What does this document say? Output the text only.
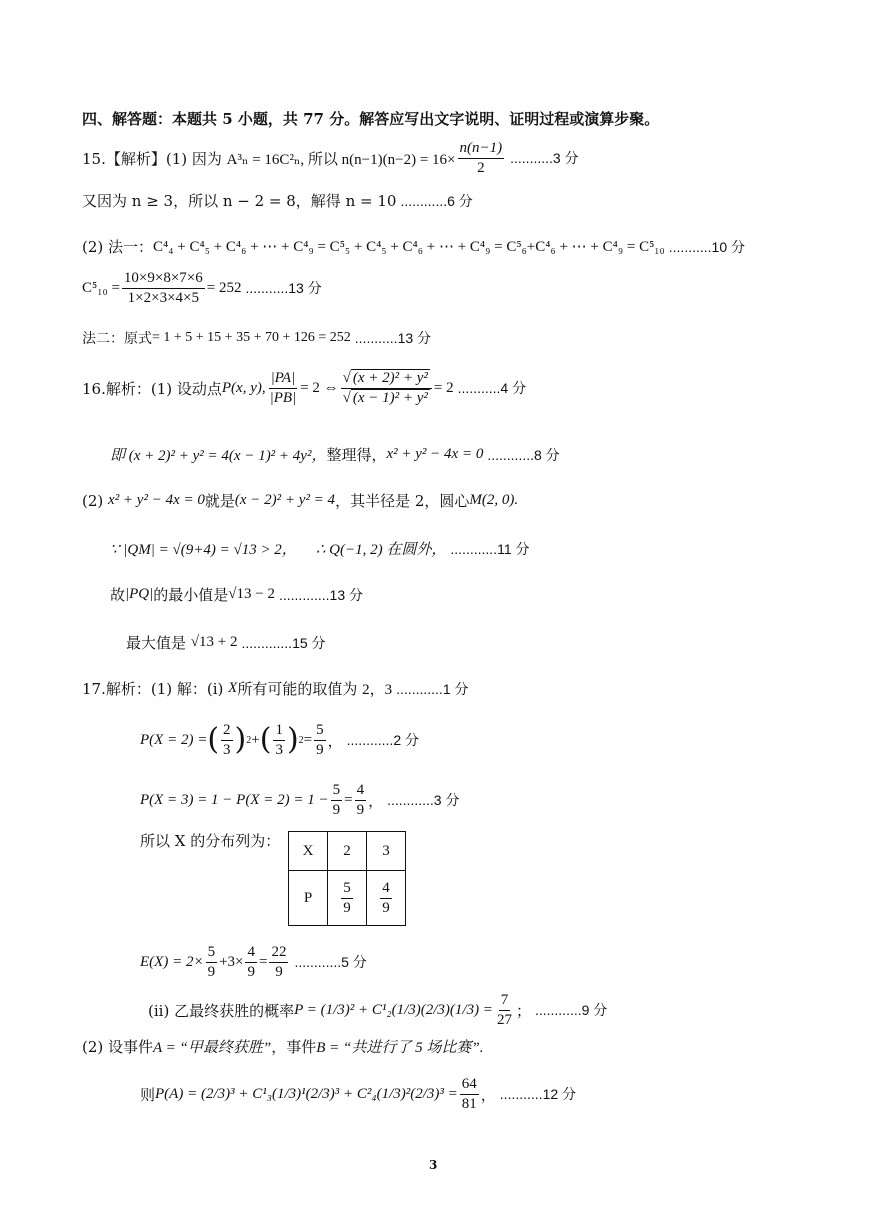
四、解答题：本题共 5 小题，共 77 分。解答应写出文字说明、证明过程或演算步聚。
15.【解析】(1) 因为
A³ₙ = 16C²ₙ, 所以 $n(n-1)(n-2) = 16\times \frac{n(n-1)}{2} ...........3$ 分
又因为 n ≥ 3，所以 n − 2 = 8，解得 n = 10 ............6 分
(2) 法一： C⁴₄ + C⁴₅ + C⁴₆ + ⋯ + C⁴₉ = C⁵₅ + C⁴₅ + C⁴₆ + ⋯ + C⁴₉ = C⁵₆+C⁴₆ + ⋯ + C⁴₉ = C⁵₁₀ ...........10 分
$C^5_{10} = \frac{10\times 9\times 8\times 7\times 6}{1\times 2\times 3\times 4\times 5} = 252$ ...........13 分
法二：原式 = 1 + 5 + 15 + 35 + 70 + 126 = 252 ...........13 分
16.解析：(1) 设动点 P(x, y), $\frac{|PA|}{|PB|} = 2$ ⇔ $\frac{\text{√ (x + 2)² + y²}}{\text{√ (x − 1)² + y²}} = 2$ ...........4 分
即 (x + 2)² + y² = 4(x − 1)² + 4y²， 整理得， x² + y² − 4x = 0 ............8 分
(2)
x² + y² − 4x = 0 就是 (x − 2)² + y² = 4 ，其半径是 2，圆心 M(2, 0).
∵ |QM| = √(9+4) = √13 > 2，
∴ Q(−1, 2) 在圆外， ............11 分
故 |PQ| 的最小值是 √13 − 2 .............13 分
最大值是
√13 + 2 .............15 分
17.解析：(1) 解：(i)
X 所有可能的取值为
2，3 ............1 分
P(X = 2) = ( $\frac{2}{3}$ ) 2 + ( $\frac{1}{3}$ ) $2 = \frac{5}{9}$ ， ............2 分
$P(X = 3) = 1 - P(X = 2) = 1 - \frac{5}{9} = \frac{4}{9}$ ， ............3 分
所以 X 的分布列为：
X	2	3
P	$\frac{5}{9}$	$\frac{4}{9}$
$E(X) = 2\times \frac{5}{9} +3\times \frac{4}{9} = \frac{22}{9} ............5$ 分
(ii) 乙最终获胜的概率 $P = (1/3)^2 + C^1_2(1/3)(2/3)(1/3) = \frac{7}{27}$ ； ............9 分
(2) 设事件 A = “甲最终获胜” ，事件 B = “共进行了 5 场比赛”.
则 $P(A) = (2/3)^3 + C^1_3(1/3)^1(2/3)^3 + C^2_4(1/3)^2(2/3)^3 = \frac{64}{81}$ ， ...........12 分
3
